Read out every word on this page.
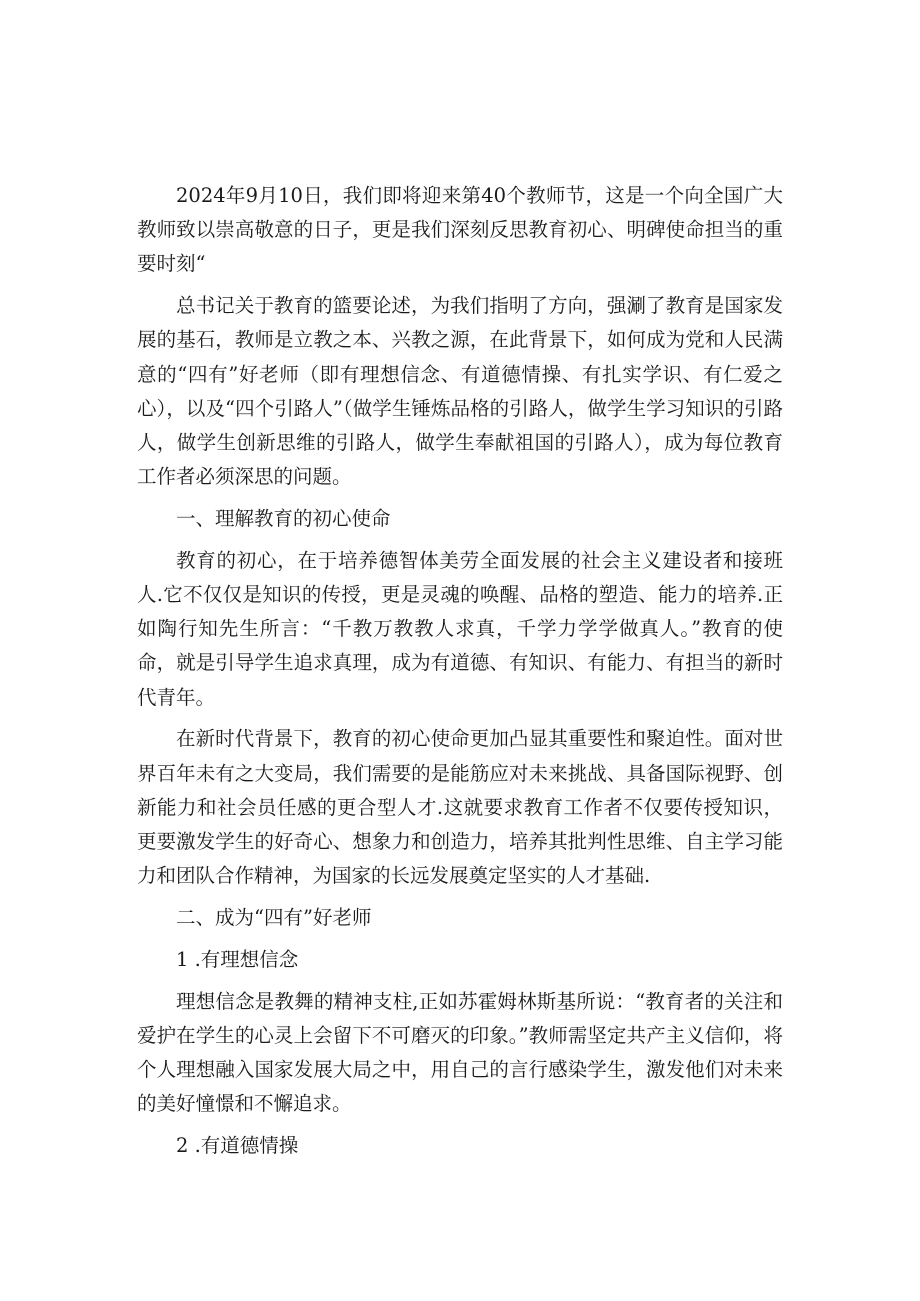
2024年9月10日，我们即将迎来第40个教师节，这是一个向全国广大教师致以崇高敬意的日子，更是我们深刻反思教育初心、明碑使命担当的重要时刻“

总书记关于教育的篮要论述，为我们指明了方向，强涮了教育是国家发展的基石，教师是立教之本、兴教之源，在此背景下，如何成为党和人民满意的“四有”好老师（即有理想信念、有道德情操、有扎实学识、有仁爱之心），以及“四个引路人”（做学生锤炼品格的引路人，做学生学习知识的引路人，做学生创新思维的引路人，做学生奉献祖国的引路人），成为每位教育工作者必须深思的问题。

一、理解教育的初心使命

教育的初心，在于培养德智体美劳全面发展的社会主义建设者和接班人.它不仅仅是知识的传授，更是灵魂的唤醒、品格的塑造、能力的培养.正如陶行知先生所言：“千教万教教人求真，千学力学学做真人。”教育的使命，就是引导学生追求真理，成为有道德、有知识、有能力、有担当的新时代青年。

在新时代背景下，教育的初心使命更加凸显其重要性和聚迫性。面对世界百年未有之大变局，我们需要的是能筋应对未来挑战、具备国际视野、创新能力和社会员任感的更合型人才.这就要求教育工作者不仅要传授知识，更要激发学生的好奇心、想象力和创造力，培养其批判性思维、自主学习能力和团队合作精神，为国家的长远发展奠定坚实的人才基础.

二、成为“四有”好老师

1 .有理想信念

理想信念是教舞的精神支柱,正如苏霍姆林斯基所说：“教育者的关注和爱护在学生的心灵上会留下不可磨灭的印象。”教师需坚定共产主义信仰，将个人理想融入国家发展大局之中，用自己的言行感染学生，激发他们对未来的美好憧憬和不懈追求。

2 .有道德情操
